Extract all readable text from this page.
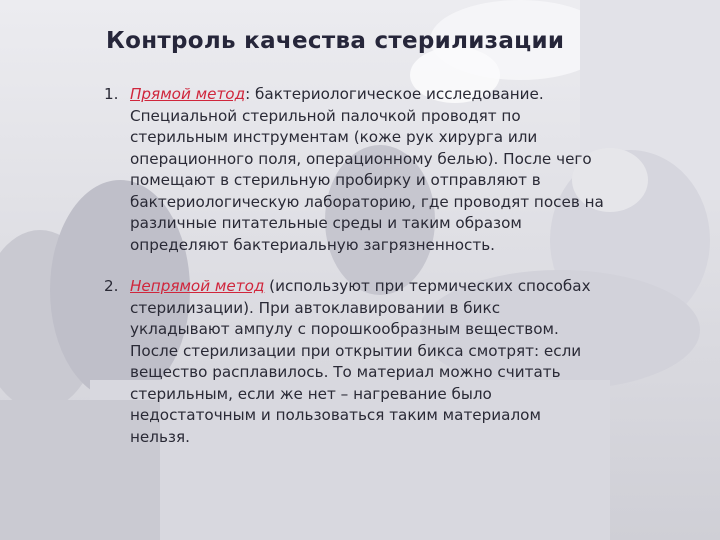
Контроль качества стерилизации
1. Прямой метод: бактериологическое исследование. Специальной стерильной палочкой проводят по стерильным инструментам (коже рук хирурга или операционного поля, операционному белью). После чего помещают в стерильную пробирку и отправляют в бактериологическую лабораторию, где проводят посев на различные питательные среды и таким образом определяют бактериальную загрязненность.
2. Непрямой метод (используют при термических способах стерилизации). При автоклавировании в бикс укладывают ампулу с порошкообразным веществом. После стерилизации при открытии бикса смотрят: если вещество расплавилось. То материал можно считать стерильным, если же нет – нагревание было недостаточным и пользоваться таким материалом нельзя.
